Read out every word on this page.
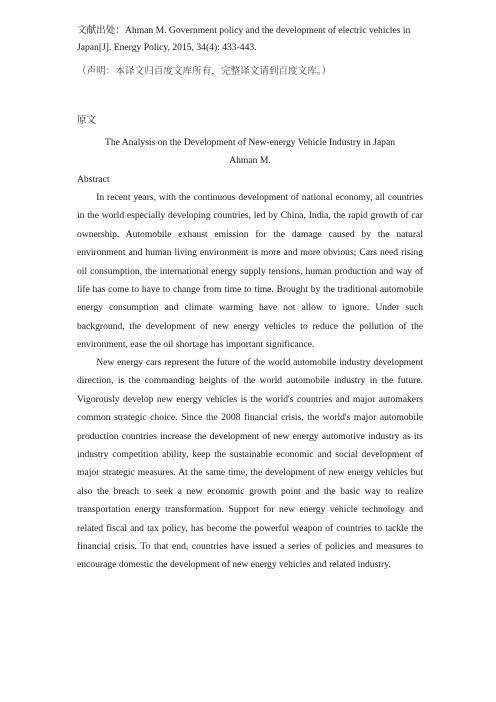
文献出处：Ahman M. Government policy and the development of electric vehicles in Japan[J]. Energy Policy, 2015, 34(4): 433-443.

（声明：本译文归百度文库所有，完整译文请到百度文库。）

原文

The Analysis on the Development of New-energy Vehicle Industry in Japan

Ahman M.

Abstract

In recent years, with the continuous development of national economy, all countries in the world especially developing countries, led by China, India, the rapid growth of car ownership. Automobile exhaust emission for the damage caused by the natural environment and human living environment is more and more obvious; Cars need rising oil consumption, the international energy supply tensions, human production and way of life has come to have to change from time to time. Brought by the traditional automobile energy consumption and climate warming have not allow to ignore. Under such background, the development of new energy vehicles to reduce the pollution of the environment, ease the oil shortage has important significance.

New energy cars represent the future of the world automobile industry development direction, is the commanding heights of the world automobile industry in the future. Vigorously develop new energy vehicles is the world's countries and major automakers common strategic choice. Since the 2008 financial crisis, the world's major automobile production countries increase the development of new energy automotive industry as its industry competition ability, keep the sustainable economic and social development of major strategic measures. At the same time, the development of new energy vehicles but also the breach to seek a new economic growth point and the basic way to realize transportation energy transformation. Support for new energy vehicle technology and related fiscal and tax policy, has become the powerful weapon of countries to tackle the financial crisis. To that end, countries have issued a series of policies and measures to encourage domestic the development of new energy vehicles and related industry.
